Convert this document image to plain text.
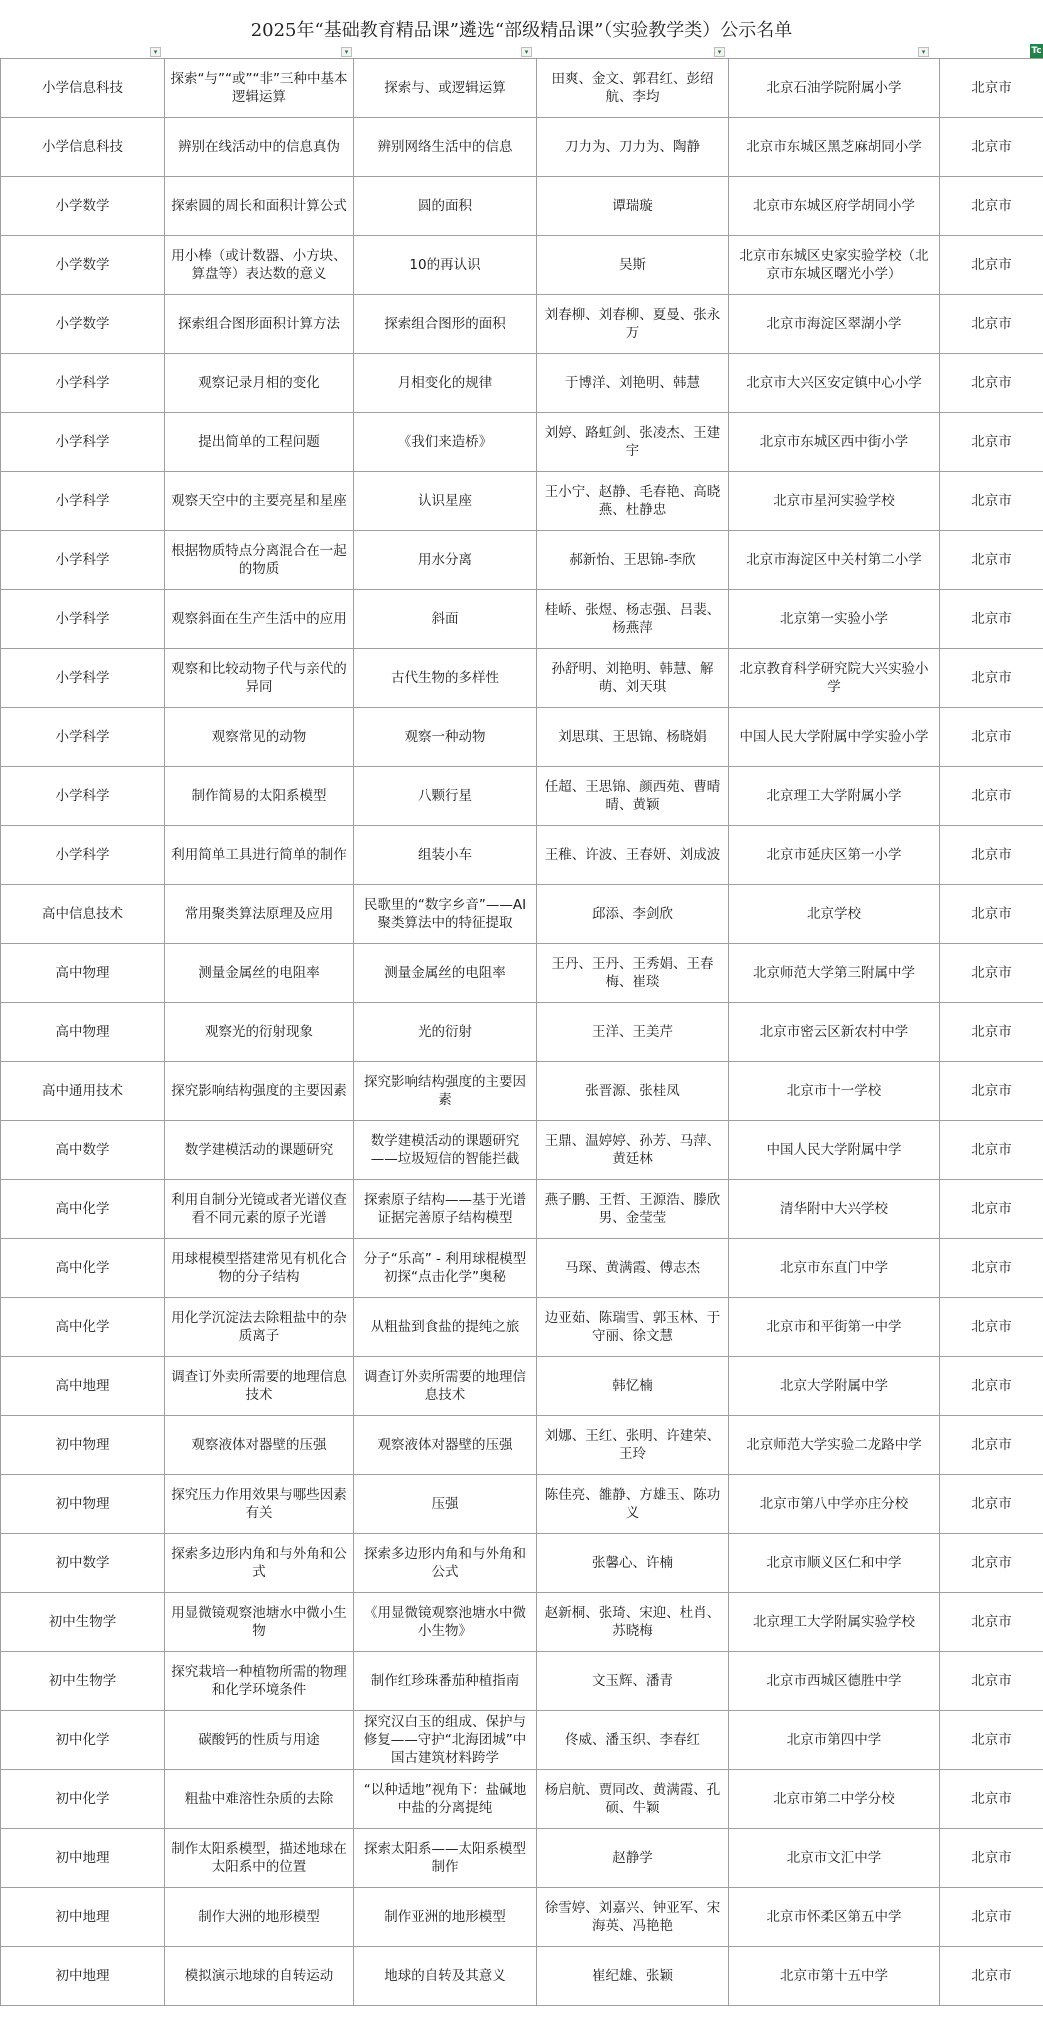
2025年“基础教育精品课”遴选“部级精品课”（实验教学类）公示名单
▾	▾	▾	▾	▾	Tc
小学信息科技	探索“与”“或”“非”三种中基本逻辑运算	探索与、或逻辑运算	田爽、金文、郭君红、彭绍航、李均	北京石油学院附属小学	北京市
小学信息科技	辨别在线活动中的信息真伪	辨别网络生活中的信息	刀力为、刀力为、陶静	北京市东城区黑芝麻胡同小学	北京市
小学数学	探索圆的周长和面积计算公式	圆的面积	谭瑞璇	北京市东城区府学胡同小学	北京市
小学数学	用小棒（或计数器、小方块、算盘等）表达数的意义	10的再认识	吴斯	北京市东城区史家实验学校（北京市东城区曙光小学）	北京市
小学数学	探索组合图形面积计算方法	探索组合图形的面积	刘春柳、刘春柳、夏曼、张永万	北京市海淀区翠湖小学	北京市
小学科学	观察记录月相的变化	月相变化的规律	于博洋、刘艳明、韩慧	北京市大兴区安定镇中心小学	北京市
小学科学	提出简单的工程问题	《我们来造桥》	刘婷、路虹剑、张凌杰、王建宇	北京市东城区西中街小学	北京市
小学科学	观察天空中的主要亮星和星座	认识星座	王小宁、赵静、毛春艳、高晓燕、杜静忠	北京市星河实验学校	北京市
小学科学	根据物质特点分离混合在一起的物质	用水分离	郝新怡、王思锦-李欣	北京市海淀区中关村第二小学	北京市
小学科学	观察斜面在生产生活中的应用	斜面	桂峤、张煜、杨志强、吕裴、杨燕萍	北京第一实验小学	北京市
小学科学	观察和比较动物子代与亲代的异同	古代生物的多样性	孙舒明、刘艳明、韩慧、解萌、刘天琪	北京教育科学研究院大兴实验小学	北京市
小学科学	观察常见的动物	观察一种动物	刘思琪、王思锦、杨晓娟	中国人民大学附属中学实验小学	北京市
小学科学	制作简易的太阳系模型	八颗行星	任超、王思锦、颜西苑、曹晴晴、黄颖	北京理工大学附属小学	北京市
小学科学	利用简单工具进行简单的制作	组装小车	王稚、许波、王春妍、刘成波	北京市延庆区第一小学	北京市
高中信息技术	常用聚类算法原理及应用	民歌里的“数字乡音”——AI聚类算法中的特征提取	邱添、李剑欣	北京学校	北京市
高中物理	测量金属丝的电阻率	测量金属丝的电阻率	王丹、王丹、王秀娟、王春梅、崔琰	北京师范大学第三附属中学	北京市
高中物理	观察光的衍射现象	光的衍射	王洋、王美芹	北京市密云区新农村中学	北京市
高中通用技术	探究影响结构强度的主要因素	探究影响结构强度的主要因素	张晋源、张桂凤	北京市十一学校	北京市
高中数学	数学建模活动的课题研究	数学建模活动的课题研究——垃圾短信的智能拦截	王鼎、温婷婷、孙芳、马萍、黄廷林	中国人民大学附属中学	北京市
高中化学	利用自制分光镜或者光谱仪查看不同元素的原子光谱	探索原子结构——基于光谱证据完善原子结构模型	燕子鹏、王哲、王源浩、滕欣男、金莹莹	清华附中大兴学校	北京市
高中化学	用球棍模型搭建常见有机化合物的分子结构	分子“乐高” - 利用球棍模型初探“点击化学”奥秘	马琛、黄满霞、傅志杰	北京市东直门中学	北京市
高中化学	用化学沉淀法去除粗盐中的杂质离子	从粗盐到食盐的提纯之旅	边亚茹、陈瑞雪、郭玉林、于守丽、徐文慧	北京市和平街第一中学	北京市
高中地理	调查订外卖所需要的地理信息技术	调查订外卖所需要的地理信息技术	韩忆楠	北京大学附属中学	北京市
初中物理	观察液体对器壁的压强	观察液体对器壁的压强	刘娜、王红、张明、许建荣、王玲	北京师范大学实验二龙路中学	北京市
初中物理	探究压力作用效果与哪些因素有关	压强	陈佳亮、雒静、方雄玉、陈功义	北京市第八中学亦庄分校	北京市
初中数学	探索多边形内角和与外角和公式	探索多边形内角和与外角和公式	张馨心、许楠	北京市顺义区仁和中学	北京市
初中生物学	用显微镜观察池塘水中微小生物	《用显微镜观察池塘水中微小生物》	赵新桐、张琦、宋迎、杜肖、苏晓梅	北京理工大学附属实验学校	北京市
初中生物学	探究栽培一种植物所需的物理和化学环境条件	制作红珍珠番茄种植指南	文玉辉、潘青	北京市西城区德胜中学	北京市
初中化学	碳酸钙的性质与用途	探究汉白玉的组成、保护与修复——守护“北海团城”中国古建筑材料跨学	佟威、潘玉织、李春红	北京市第四中学	北京市
初中化学	粗盐中难溶性杂质的去除	“以种适地”视角下：盐碱地中盐的分离提纯	杨启航、贾同改、黄满霞、孔硕、牛颖	北京市第二中学分校	北京市
初中地理	制作太阳系模型，描述地球在太阳系中的位置	探索太阳系——太阳系模型制作	赵静学	北京市文汇中学	北京市
初中地理	制作大洲的地形模型	制作亚洲的地形模型	徐雪婷、刘嘉兴、钟亚军、宋海英、冯艳艳	北京市怀柔区第五中学	北京市
初中地理	模拟演示地球的自转运动	地球的自转及其意义	崔纪雄、张颖	北京市第十五中学	北京市
